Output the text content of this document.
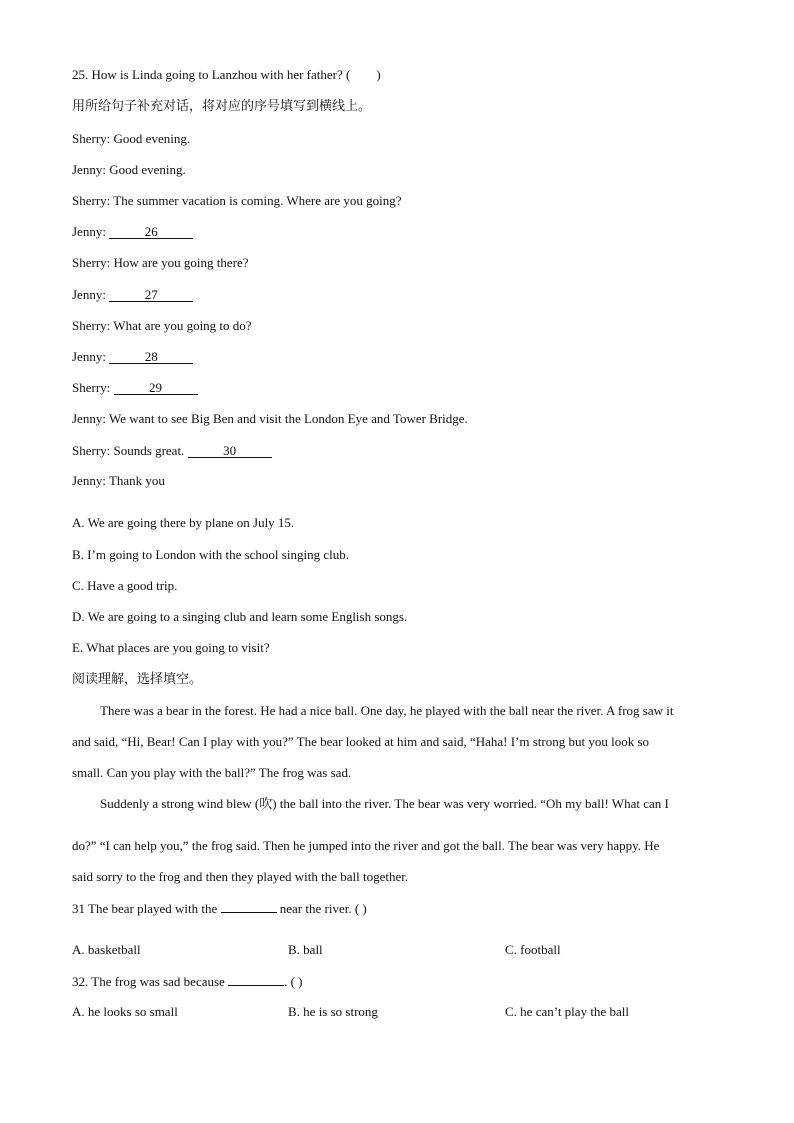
25. How is Linda going to Lanzhou with her father? ( )
用所给句子补充对话，将对应的序号填写到横线上。
Sherry: Good evening.
Jenny: Good evening.
Sherry: The summer vacation is coming. Where are you going?
Jenny:	26
Sherry: How are you going there?
Jenny:	27
Sherry: What are you going to do?
Jenny:	28
Sherry:	29
Jenny: We want to see Big Ben and visit the London Eye and Tower Bridge.
Sherry: Sounds great.	30
Jenny: Thank you
A. We are going there by plane on July 15.
B. I’m going to London with the school singing club.
C. Have a good trip.
D. We are going to a singing club and learn some English songs.
E. What places are you going to visit?
阅读理解，选择填空。
There was a bear in the forest. He had a nice ball. One day, he played with the ball near the river. A frog saw it
and said, “Hi, Bear! Can I play with you?” The bear looked at him and said, “Haha! I’m strong but you look so
small. Can you play with the ball?” The frog was sad.
Suddenly a strong wind blew (吹) the ball into the river. The bear was very worried. “Oh my ball! What can I
do?” “I can help you,” the frog said. Then he jumped into the river and got the ball. The bear was very happy. He
said sorry to the frog and then they played with the ball together.
31 The bear played with the	near the river. ( )
A. basketball	B. ball	C. football
32. The frog was sad because	. ( )
A. he looks so small	B. he is so strong	C. he can’t play the ball
